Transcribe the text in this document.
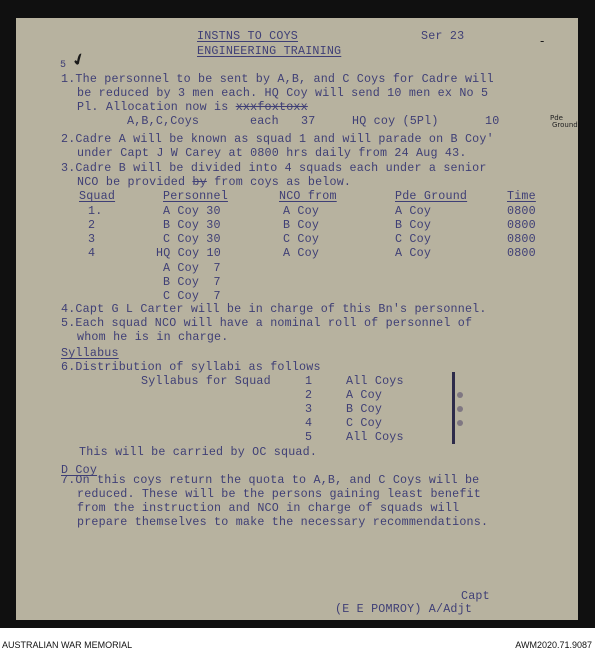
INSTNS TO COYS
ENGINEERING TRAINING
Ser 23	-
5 ✔
1.The personnel to be sent by A,B, and C Coys for Cadre will
be reduced by 3 men each. HQ Coy will send 10 men ex No 5
Pl. Allocation now is xxxfoxtoxx
A,B,C,Coys	each 37	HQ coy (5Pl)	10
2.Cadre A will be known as squad 1 and will parade on B Coy'
under Capt J W Carey at 0800 hrs daily from 24 Aug 43.
Pde
Ground
3.Cadre B will be divided into 4 squads each under a senior
NCO be provided by from coys as below.
Squad	Personnel	NCO from	Pde Ground	Time
1.	A Coy 30	A Coy	A Coy	0800
2	B Coy 30	B Coy	B Coy	0800
3	C Coy 30	C Coy	C Coy	0800
4	HQ Coy 10	A Coy	A Coy	0800
A Coy  7
B Coy  7
C Coy  7
4.Capt G L Carter will be in charge of this Bn's personnel.
5.Each squad NCO will have a nominal roll of personnel of
whom he is in charge.
Syllabus
6.Distribution of syllabi as follows
Syllabus for Squad	1	All Coys
2	A Coy
3	B Coy
4	C Coy
5	All Coys
This will be carried by OC squad.
D Coy
7.On this coys return the quota to A,B, and C Coys will be
reduced. These will be the persons gaining least benefit
from the instruction and NCO in charge of squads will
prepare themselves to make the necessary recommendations.
Capt
(E E POMROY) A/Adjt
AUSTRALIAN WAR MEMORIAL	AWM2020.71.9087
